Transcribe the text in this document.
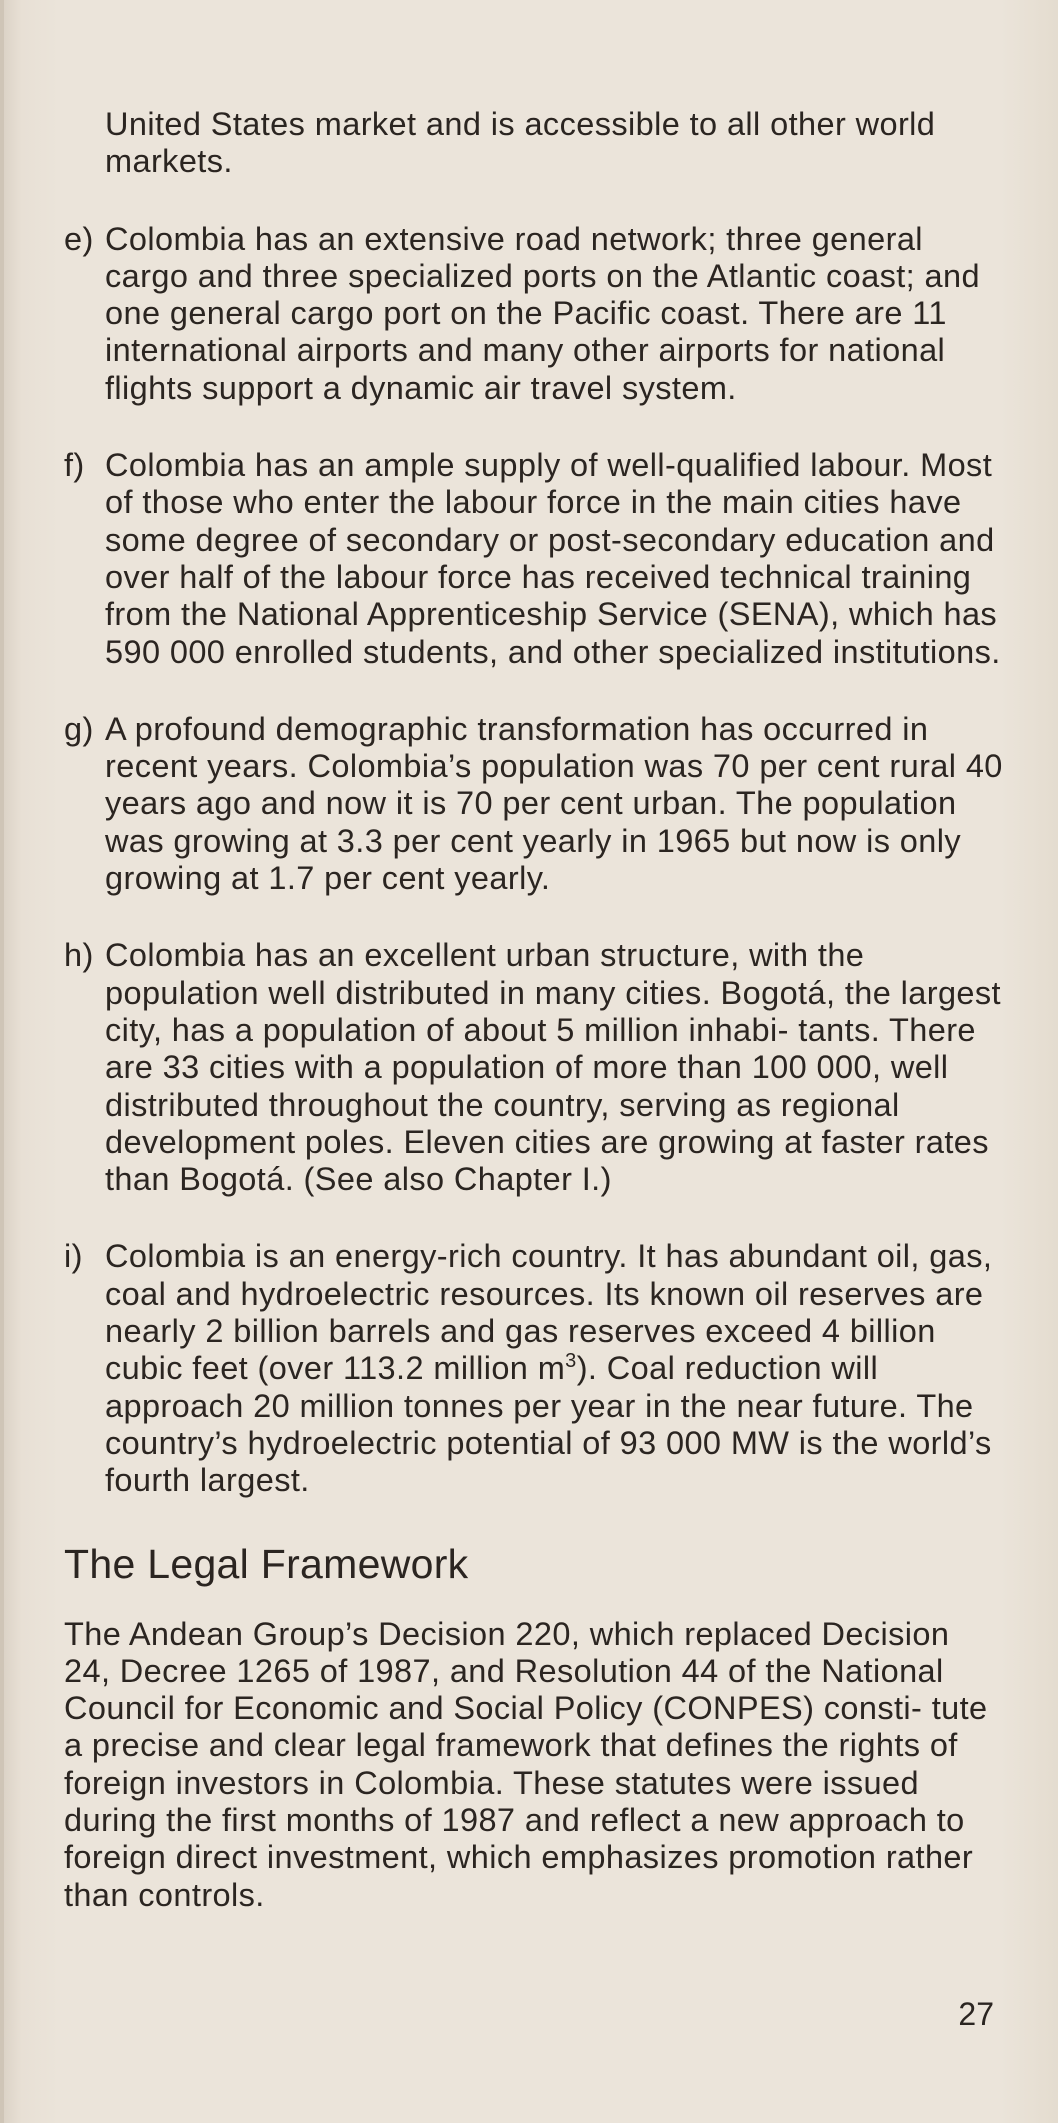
United States market and is accessible to all other world markets.
e) Colombia has an extensive road network; three general cargo and three specialized ports on the Atlantic coast; and one general cargo port on the Pacific coast. There are 11 international airports and many other airports for national flights support a dynamic air travel system.
f) Colombia has an ample supply of well-qualified labour. Most of those who enter the labour force in the main cities have some degree of secondary or post-secondary education and over half of the labour force has received technical training from the National Apprenticeship Service (SENA), which has 590 000 enrolled students, and other specialized institutions.
g) A profound demographic transformation has occurred in recent years. Colombia’s population was 70 per cent rural 40 years ago and now it is 70 per cent urban. The population was growing at 3.3 per cent yearly in 1965 but now is only growing at 1.7 per cent yearly.
h) Colombia has an excellent urban structure, with the population well distributed in many cities. Bogotá, the largest city, has a population of about 5 million inhabi- tants. There are 33 cities with a population of more than 100 000, well distributed throughout the country, serving as regional development poles. Eleven cities are growing at faster rates than Bogotá. (See also Chapter I.)
i) Colombia is an energy-rich country. It has abundant oil, gas, coal and hydroelectric resources. Its known oil reserves are nearly 2 billion barrels and gas reserves exceed 4 billion cubic feet (over 113.2 million $m^3$). Coal reduction will approach 20 million tonnes per year in the near future. The country’s hydroelectric potential of 93 000 MW is the world’s fourth largest.
The Legal Framework

The Andean Group’s Decision 220, which replaced Decision 24, Decree 1265 of 1987, and Resolution 44 of the National Council for Economic and Social Policy (CONPES) consti- tute a precise and clear legal framework that defines the rights of foreign investors in Colombia. These statutes were issued during the first months of 1987 and reflect a new approach to foreign direct investment, which emphasizes promotion rather than controls.

27
